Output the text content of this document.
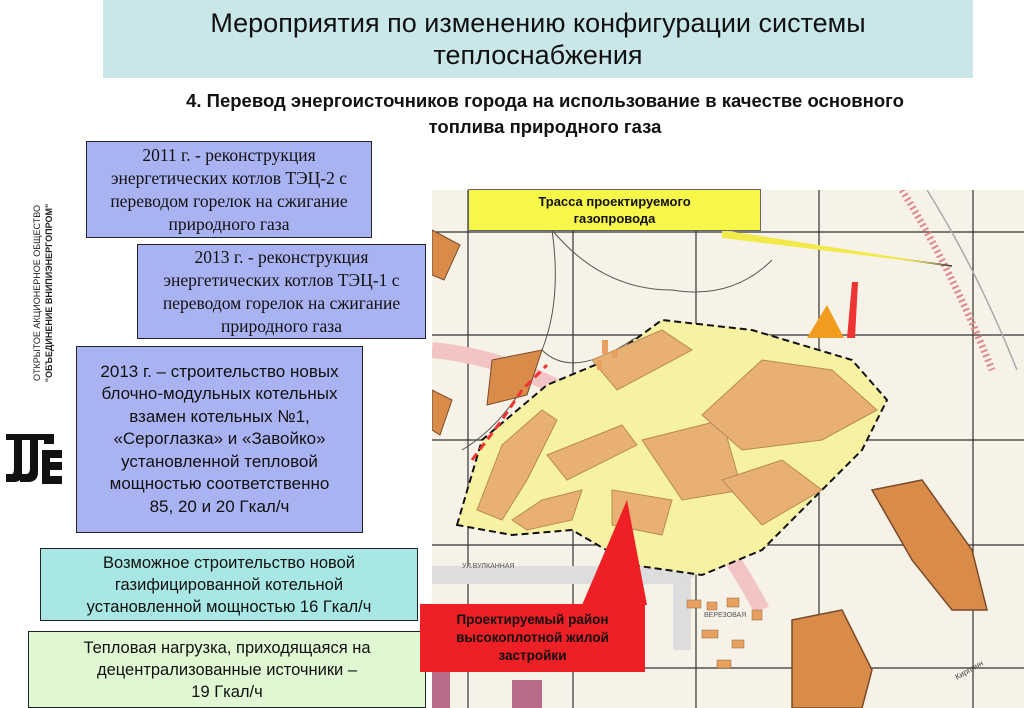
Мероприятия по изменению конфигурации системы
теплоснабжения
4. Перевод энергоисточников города на использование в качестве основного
топлива природного газа
ОТКРЫТОЕ АКЦИОНЕРНОЕ ОБЩЕСТВО "ОБЪЕДИНЕНИЕ ВНИПИЭНЕРГОПРОМ"
2011 г. - реконструкция
энергетических котлов ТЭЦ-2 с
переводом горелок на сжигание
природного газа
2013 г. - реконструкция
энергетических котлов ТЭЦ-1 с
переводом горелок на сжигание
природного газа
2013 г. – строительство новых
блочно-модульных котельных
взамен котельных №1,
«Сероглазка» и «Завойко»
установленной тепловой
мощностью соответственно
85, 20 и 20 Гкал/ч
Возможное строительство новой
газифицированной котельной
установленной мощностью 16 Гкал/ч
Тепловая нагрузка, приходящаяся на
децентрализованные источники –
19 Гкал/ч
УЛ.ВУЛКАННАЯ
ВЕРЕЗОВАЯ
Кирпичн
Трасса проектируемого
газопровода
Проектируемый район
высокоплотной жилой
застройки
